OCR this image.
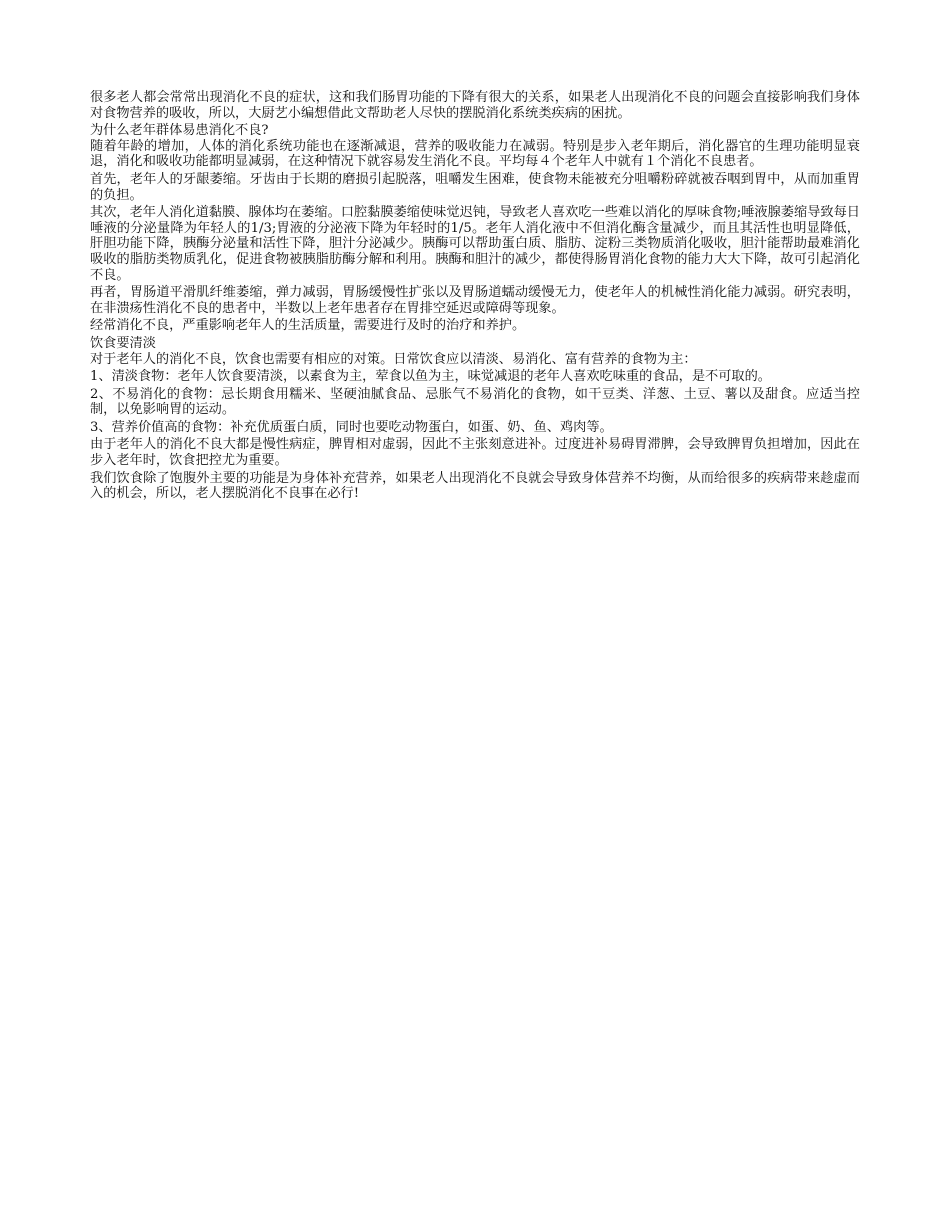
很多老人都会常常出现消化不良的症状，这和我们肠胃功能的下降有很大的关系，如果老人出现消化不良的问题会直接影响我们身体对食物营养的吸收，所以，大厨艺小编想借此文帮助老人尽快的摆脱消化系统类疾病的困扰。

为什么老年群体易患消化不良?

随着年龄的增加，人体的消化系统功能也在逐渐减退，营养的吸收能力在减弱。特别是步入老年期后，消化器官的生理功能明显衰退，消化和吸收功能都明显减弱，在这种情况下就容易发生消化不良。平均每４个老年人中就有１个消化不良患者。

首先，老年人的牙龈萎缩。牙齿由于长期的磨损引起脱落，咀嚼发生困难，使食物未能被充分咀嚼粉碎就被吞咽到胃中，从而加重胃的负担。

其次，老年人消化道黏膜、腺体均在萎缩。口腔黏膜萎缩使味觉迟钝，导致老人喜欢吃一些难以消化的厚味食物;唾液腺萎缩导致每日唾液的分泌量降为年轻人的1/3;胃液的分泌液下降为年轻时的1/5。老年人消化液中不但消化酶含量减少，而且其活性也明显降低，肝胆功能下降，胰酶分泌量和活性下降，胆汁分泌减少。胰酶可以帮助蛋白质、脂肪、淀粉三类物质消化吸收，胆汁能帮助最难消化吸收的脂肪类物质乳化，促进食物被胰脂肪酶分解和利用。胰酶和胆汁的减少，都使得肠胃消化食物的能力大大下降，故可引起消化不良。

再者，胃肠道平滑肌纤维萎缩，弹力减弱，胃肠缓慢性扩张以及胃肠道蠕动缓慢无力，使老年人的机械性消化能力减弱。研究表明，在非溃疡性消化不良的患者中，半数以上老年患者存在胃排空延迟或障碍等现象。

经常消化不良，严重影响老年人的生活质量，需要进行及时的治疗和养护。

饮食要清淡

对于老年人的消化不良，饮食也需要有相应的对策。日常饮食应以清淡、易消化、富有营养的食物为主：

1、清淡食物：老年人饮食要清淡，以素食为主，荤食以鱼为主，味觉减退的老年人喜欢吃味重的食品，是不可取的。

2、不易消化的食物：忌长期食用糯米、坚硬油腻食品、忌胀气不易消化的食物，如干豆类、洋葱、土豆、薯以及甜食。应适当控制，以免影响胃的运动。

3、营养价值高的食物：补充优质蛋白质，同时也要吃动物蛋白，如蛋、奶、鱼、鸡肉等。

由于老年人的消化不良大都是慢性病症，脾胃相对虚弱，因此不主张刻意进补。过度进补易碍胃滞脾，会导致脾胃负担增加，因此在步入老年时，饮食把控尤为重要。

我们饮食除了饱腹外主要的功能是为身体补充营养，如果老人出现消化不良就会导致身体营养不均衡，从而给很多的疾病带来趁虚而入的机会，所以，老人摆脱消化不良事在必行!
